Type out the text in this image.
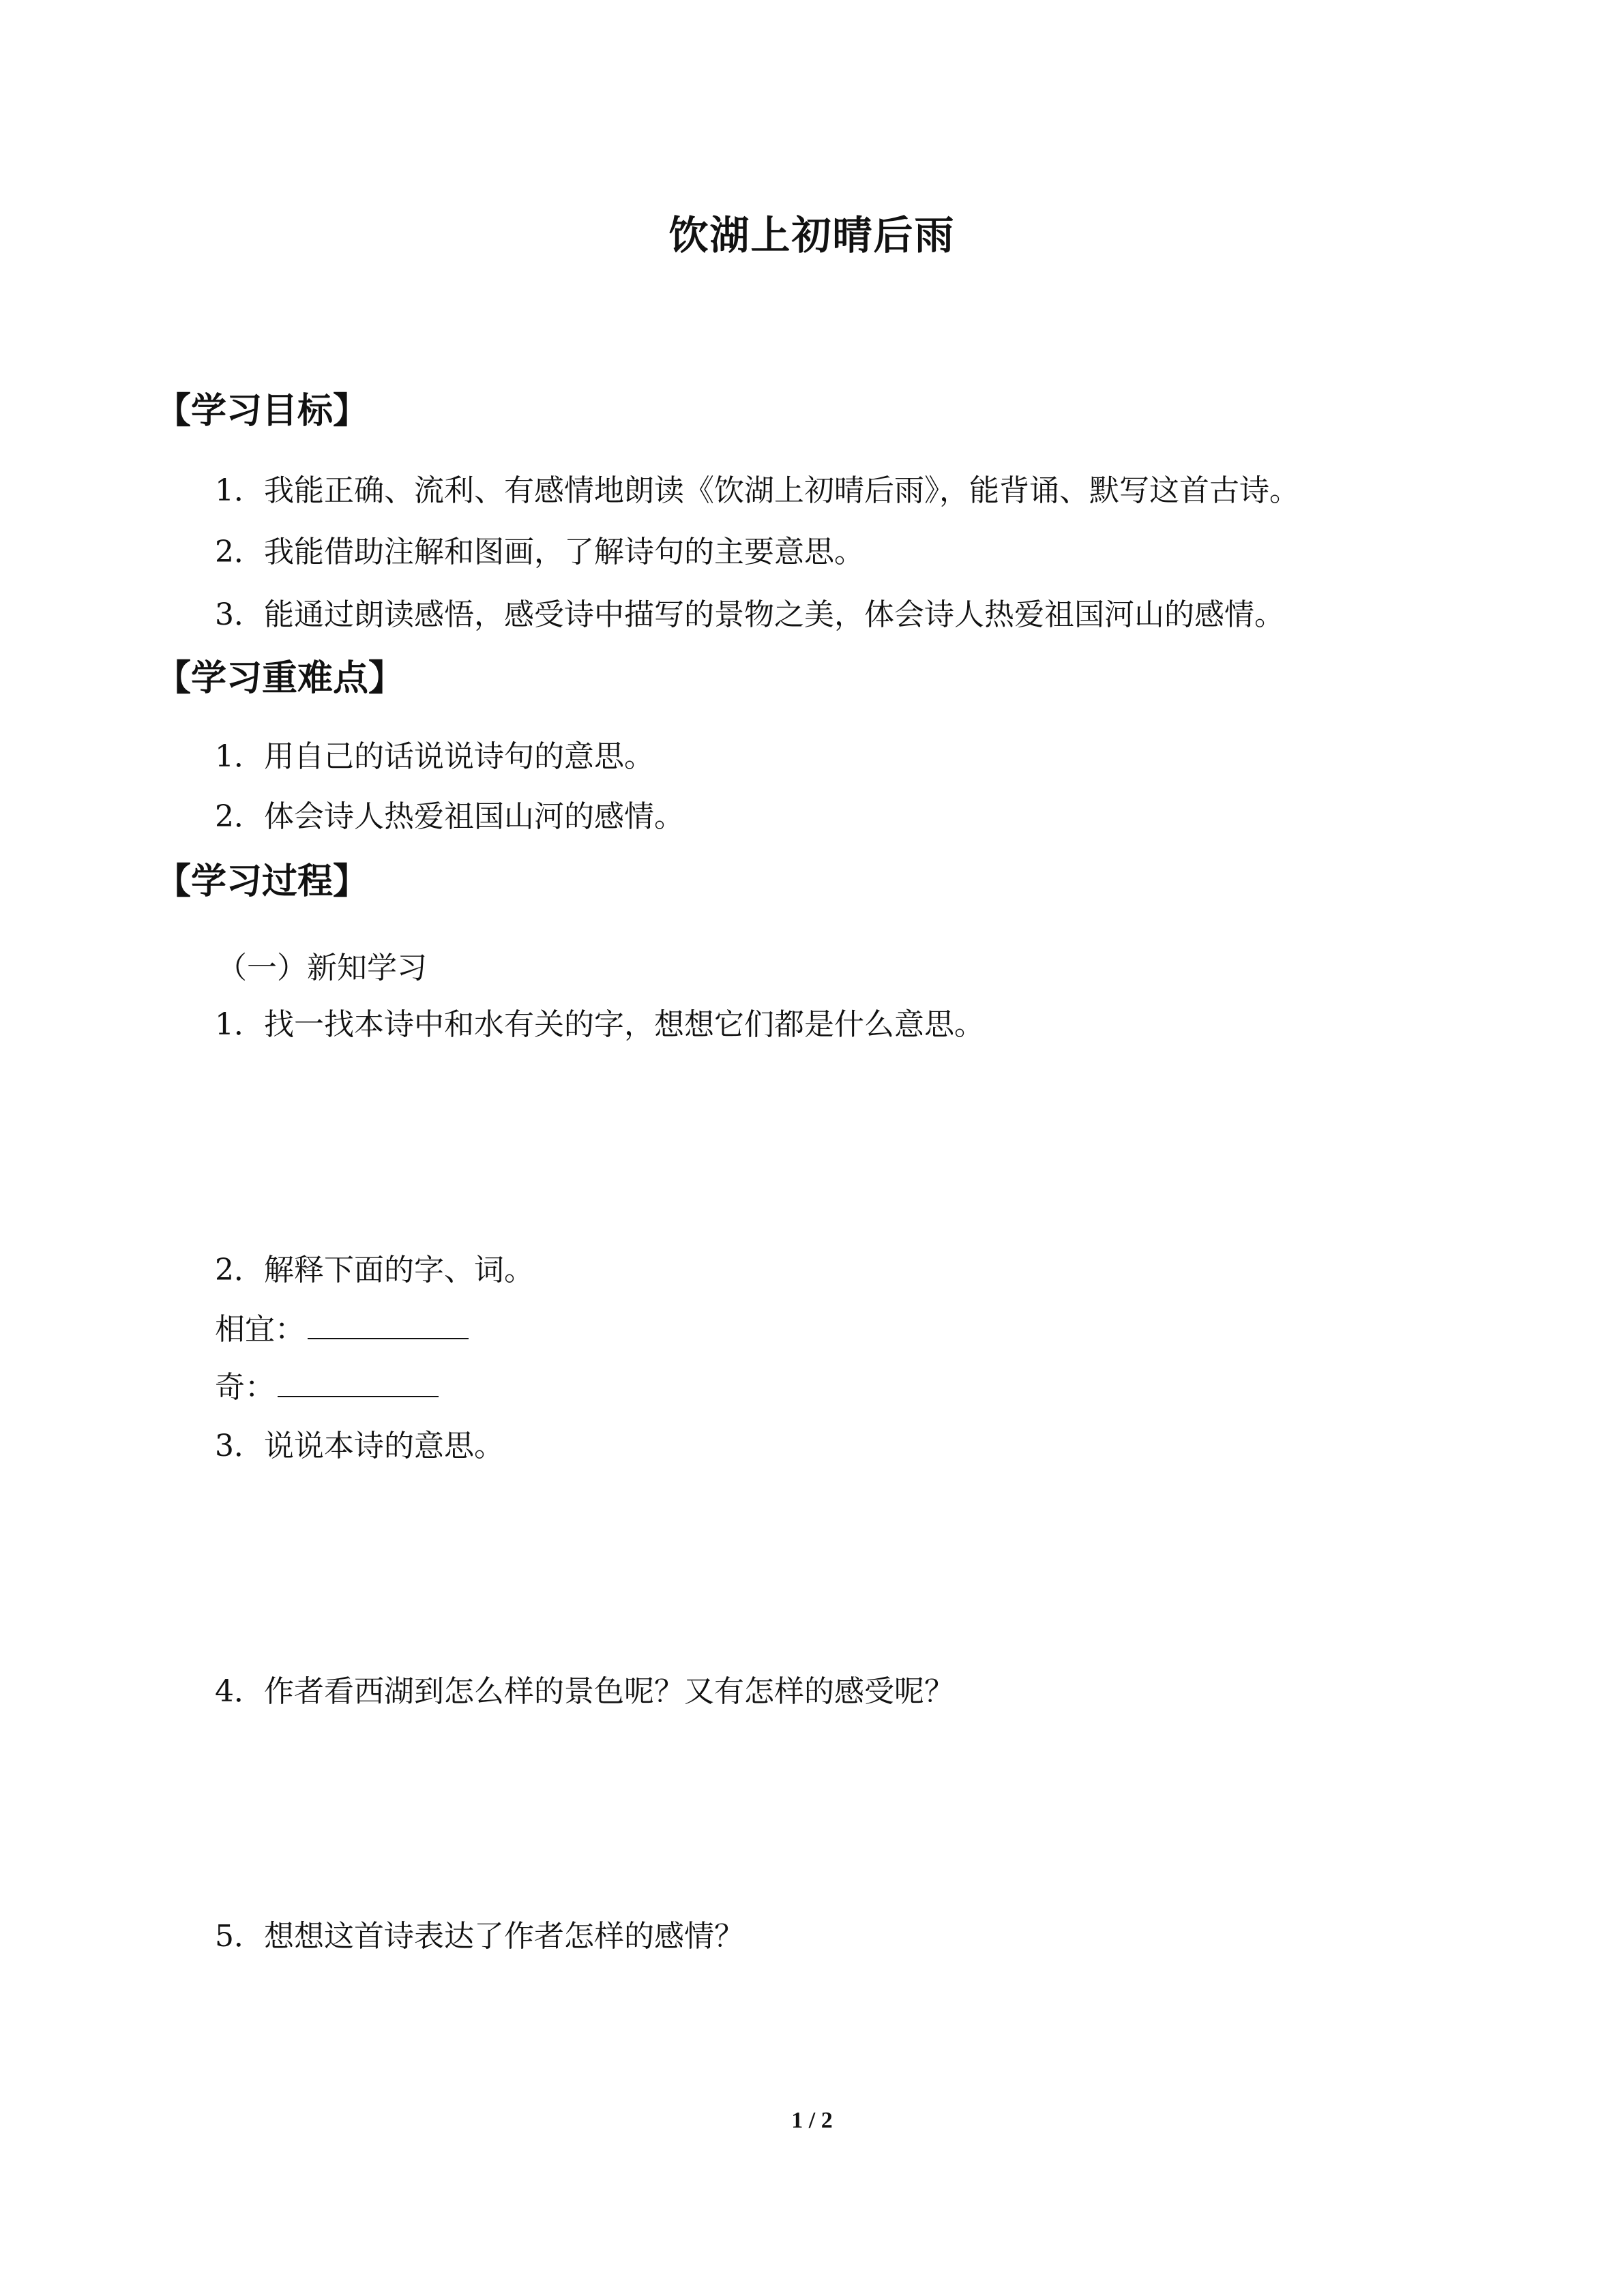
饮湖上初晴后雨
【学习目标】
1．我能正确、流利、有感情地朗读《饮湖上初晴后雨》，能背诵、默写这首古诗。
2．我能借助注解和图画，了解诗句的主要意思。
3．能通过朗读感悟，感受诗中描写的景物之美，体会诗人热爱祖国河山的感情。
【学习重难点】
1．用自己的话说说诗句的意思。
2．体会诗人热爱祖国山河的感情。
【学习过程】
（一）新知学习
1．找一找本诗中和水有关的字，想想它们都是什么意思。
2．解释下面的字、词。
相宜：
奇：
3．说说本诗的意思。
4．作者看西湖到怎么样的景色呢？又有怎样的感受呢？
5．想想这首诗表达了作者怎样的感情？
1 / 2
